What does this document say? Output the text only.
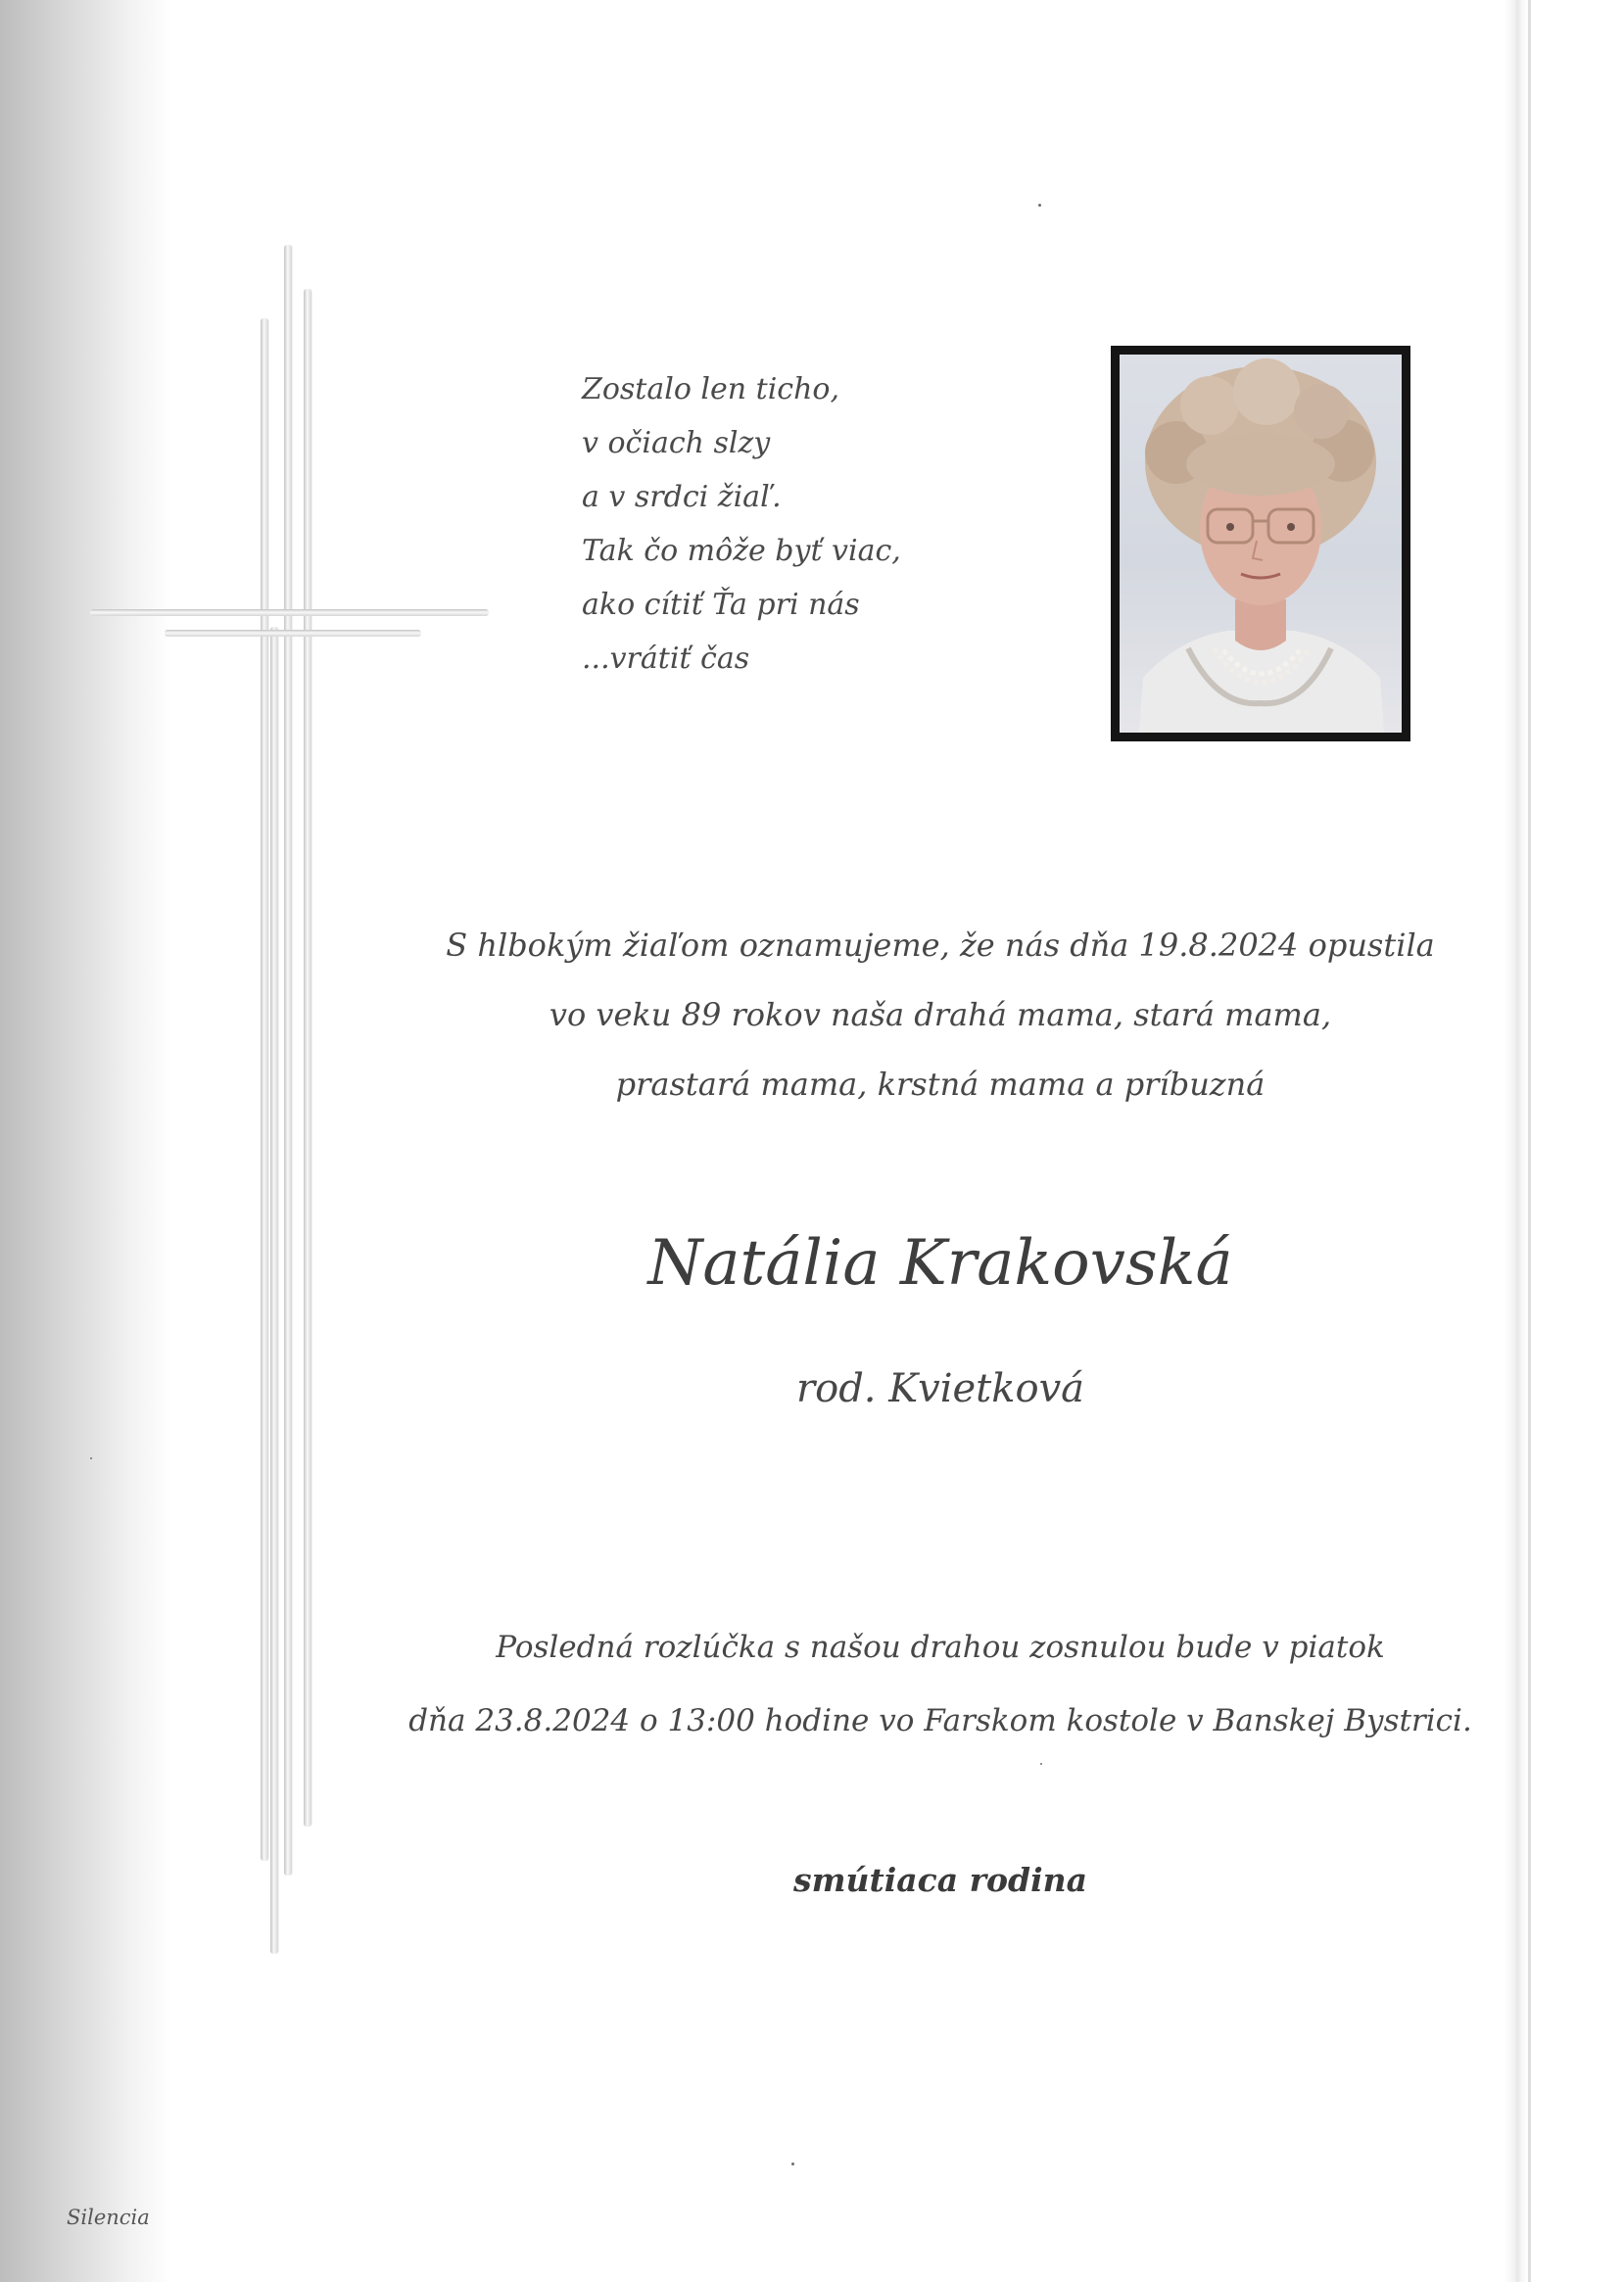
Zostalo len ticho,
v očiach slzy
a v srdci žiaľ.
Tak čo môže byť viac,
ako cítiť Ťa pri nás
...vrátiť čas
S hlbokým žiaľom oznamujeme, že nás dňa 19.8.2024 opustila
vo veku 89 rokov naša drahá mama, stará mama,
prastará mama, krstná mama a príbuzná
Natália Krakovská
rod. Kvietková
Posledná rozlúčka s našou drahou zosnulou bude v piatok
dňa 23.8.2024 o 13:00 hodine vo Farskom kostole v Banskej Bystrici.
smútiaca rodina
Silencia
